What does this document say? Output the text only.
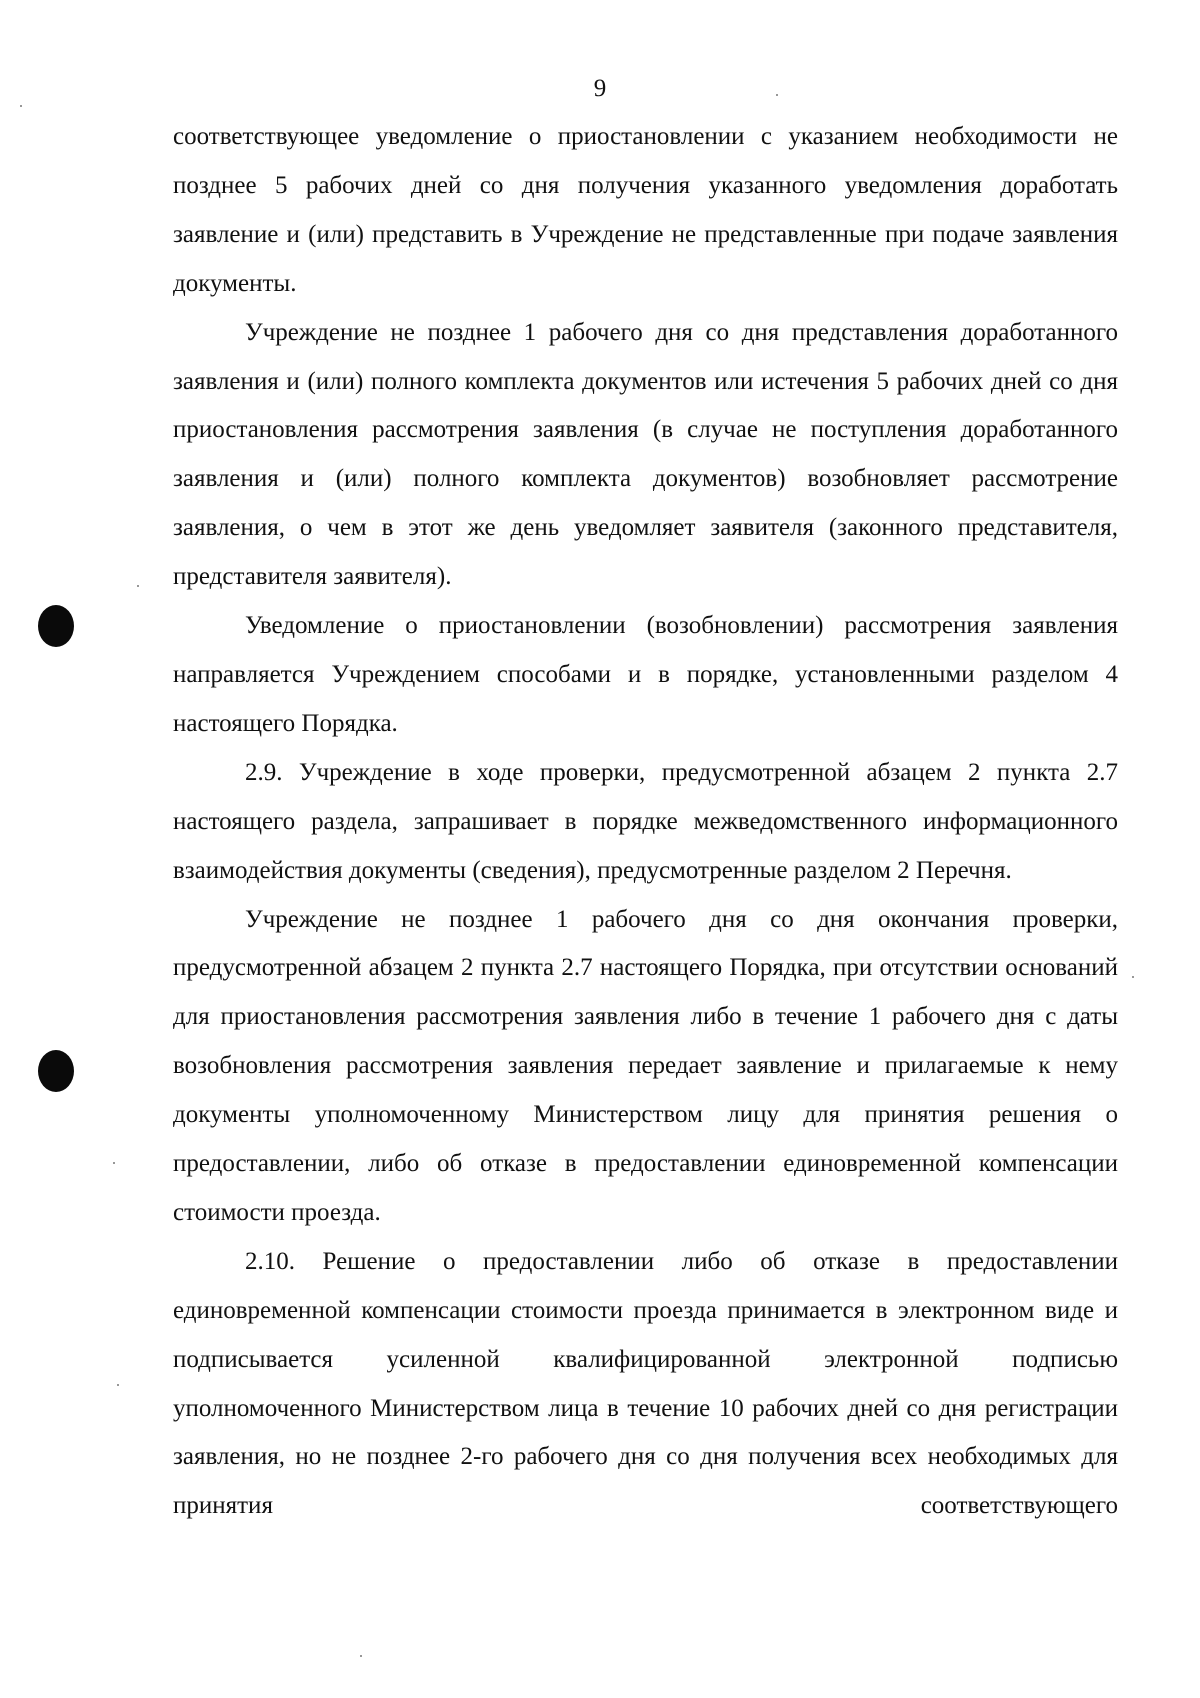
9

соответствующее уведомление о приостановлении с указанием необходимости не позднее 5 рабочих дней со дня получения указанного уведомления доработать заявление и (или) представить в Учреждение не представленные при подаче заявления документы.

Учреждение не позднее 1 рабочего дня со дня представления доработанного заявления и (или) полного комплекта документов или истечения 5 рабочих дней со дня приостановления рассмотрения заявления (в случае не поступления доработанного заявления и (или) полного комплекта документов) возобновляет рассмотрение заявления, о чем в этот же день уведомляет заявителя (законного представителя, представителя заявителя).

Уведомление о приостановлении (возобновлении) рассмотрения заявления направляется Учреждением способами и в порядке, установленными разделом 4 настоящего Порядка.

2.9. Учреждение в ходе проверки, предусмотренной абзацем 2 пункта 2.7 настоящего раздела, запрашивает в порядке межведомственного информационного взаимодействия документы (сведения), предусмотренные разделом 2 Перечня.

Учреждение не позднее 1 рабочего дня со дня окончания проверки, предусмотренной абзацем 2 пункта 2.7 настоящего Порядка, при отсутствии оснований для приостановления рассмотрения заявления либо в течение 1 рабочего дня с даты возобновления рассмотрения заявления передает заявление и прилагаемые к нему документы уполномоченному Министерством лицу для принятия решения о предоставлении, либо об отказе в предоставлении единовременной компенсации стоимости проезда.

2.10. Решение о предоставлении либо об отказе в предоставлении единовременной компенсации стоимости проезда принимается в электронном виде и подписывается усиленной квалифицированной электронной подписью уполномоченного Министерством лица в течение 10 рабочих дней со дня регистрации заявления, но не позднее 2-го рабочего дня со дня получения всех необходимых для принятия соответствующего
